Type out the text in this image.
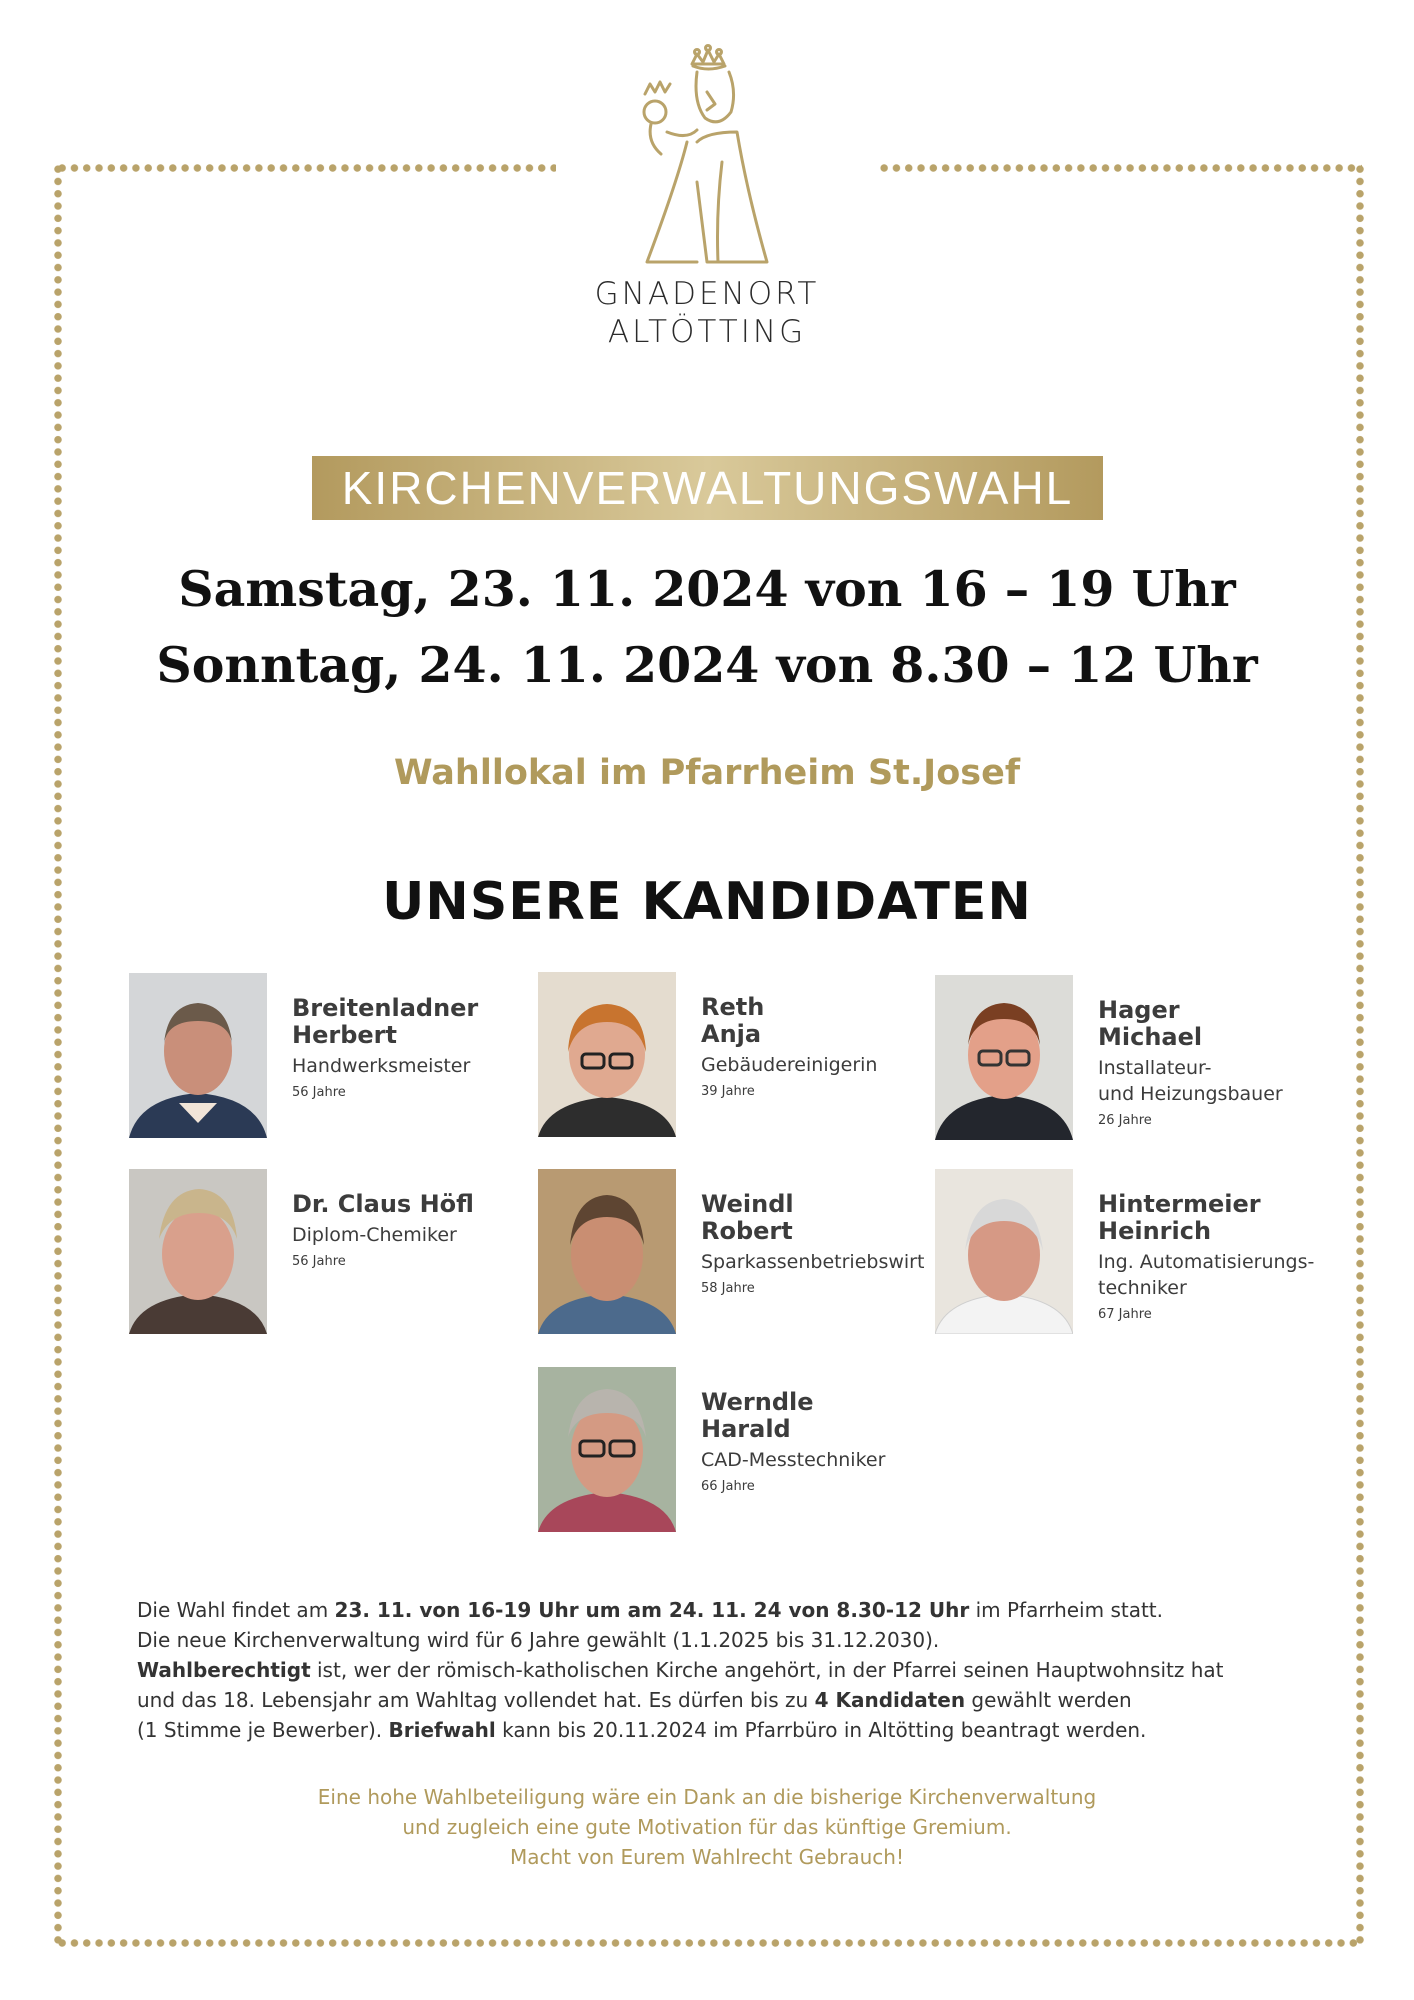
GNADENORT
ALTÖTTING
KIRCHENVERWALTUNGSWAHL
Samstag, 23. 11. 2024 von 16 – 19 Uhr
Sonntag, 24. 11. 2024 von 8.30 – 12 Uhr
Wahllokal im Pfarrheim St.Josef
UNSERE KANDIDATEN
Breitenladner
Herbert
Handwerksmeister
56 Jahre
Reth
Anja
Gebäudereinigerin
39 Jahre
Hager
Michael
Installateur-
und Heizungsbauer
26 Jahre
Dr. Claus Höfl
Diplom-Chemiker
56 Jahre
Weindl
Robert
Sparkassenbetriebswirt
58 Jahre
Hintermeier
Heinrich
Ing. Automatisierungs-
techniker
67 Jahre
Werndle
Harald
CAD-Messtechniker
66 Jahre

Die Wahl findet am 23. 11. von 16-19 Uhr um am 24. 11. 24 von 8.30-12 Uhr im Pfarrheim statt.

Die neue Kirchenverwaltung wird für 6 Jahre gewählt (1.1.2025 bis 31.12.2030).

Wahlberechtigt ist, wer der römisch-katholischen Kirche angehört, in der Pfarrei seinen Hauptwohnsitz hat

und das 18. Lebensjahr am Wahltag vollendet hat. Es dürfen bis zu 4 Kandidaten gewählt werden

(1 Stimme je Bewerber). Briefwahl kann bis 20.11.2024 im Pfarrbüro in Altötting beantragt werden.

Eine hohe Wahlbeteiligung wäre ein Dank an die bisherige Kirchenverwaltung

und zugleich eine gute Motivation für das künftige Gremium.

Macht von Eurem Wahlrecht Gebrauch!
